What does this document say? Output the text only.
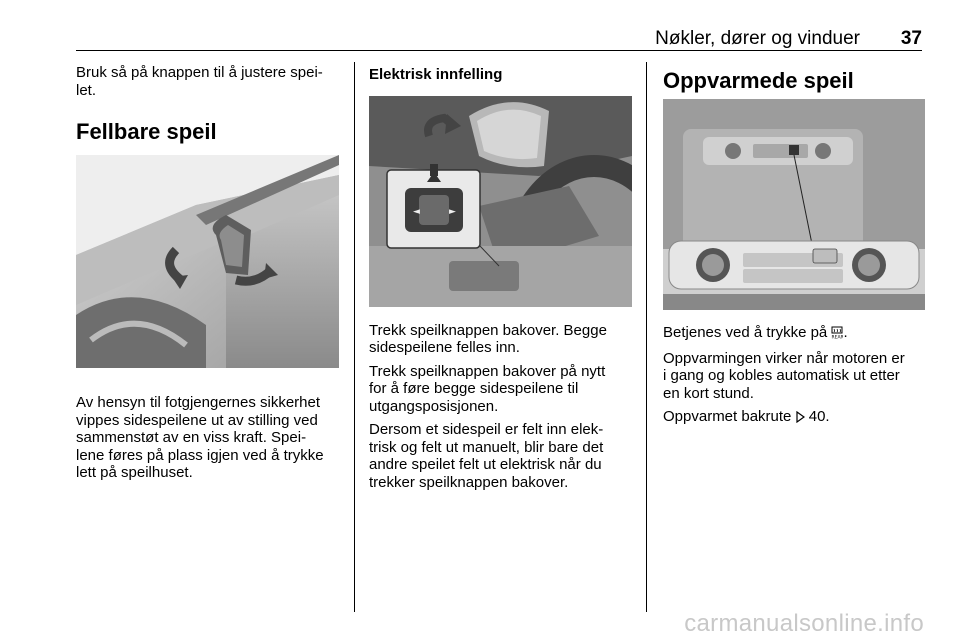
Nøkler, dører og vinduer 37

Bruk så på knappen til å justere spei-

let.

Fellbare speil

Av hensyn til fotgjengernes sikkerhet

vippes sidespeilene ut av stilling ved

sammenstøt av en viss kraft. Spei-

lene føres på plass igjen ved å trykke

lett på speilhuset.

Elektrisk innfelling

Trekk speilknappen bakover. Begge

sidespeilene felles inn.

Trekk speilknappen bakover på nytt

for å føre begge sidespeilene til

utgangsposisjonen.

Dersom et sidespeil er felt inn elek-

trisk og felt ut manuelt, blir bare det

andre speilet felt ut elektrisk når du

trekker speilknappen bakover.

◄	►
Oppvarmede speil

Betjenes ved å trykke på REAR .

Oppvarmingen virker når motoren er

i gang og kobles automatisk ut etter

en kort stund.

Oppvarmet bakrute 40.

carmanualsonline.info
